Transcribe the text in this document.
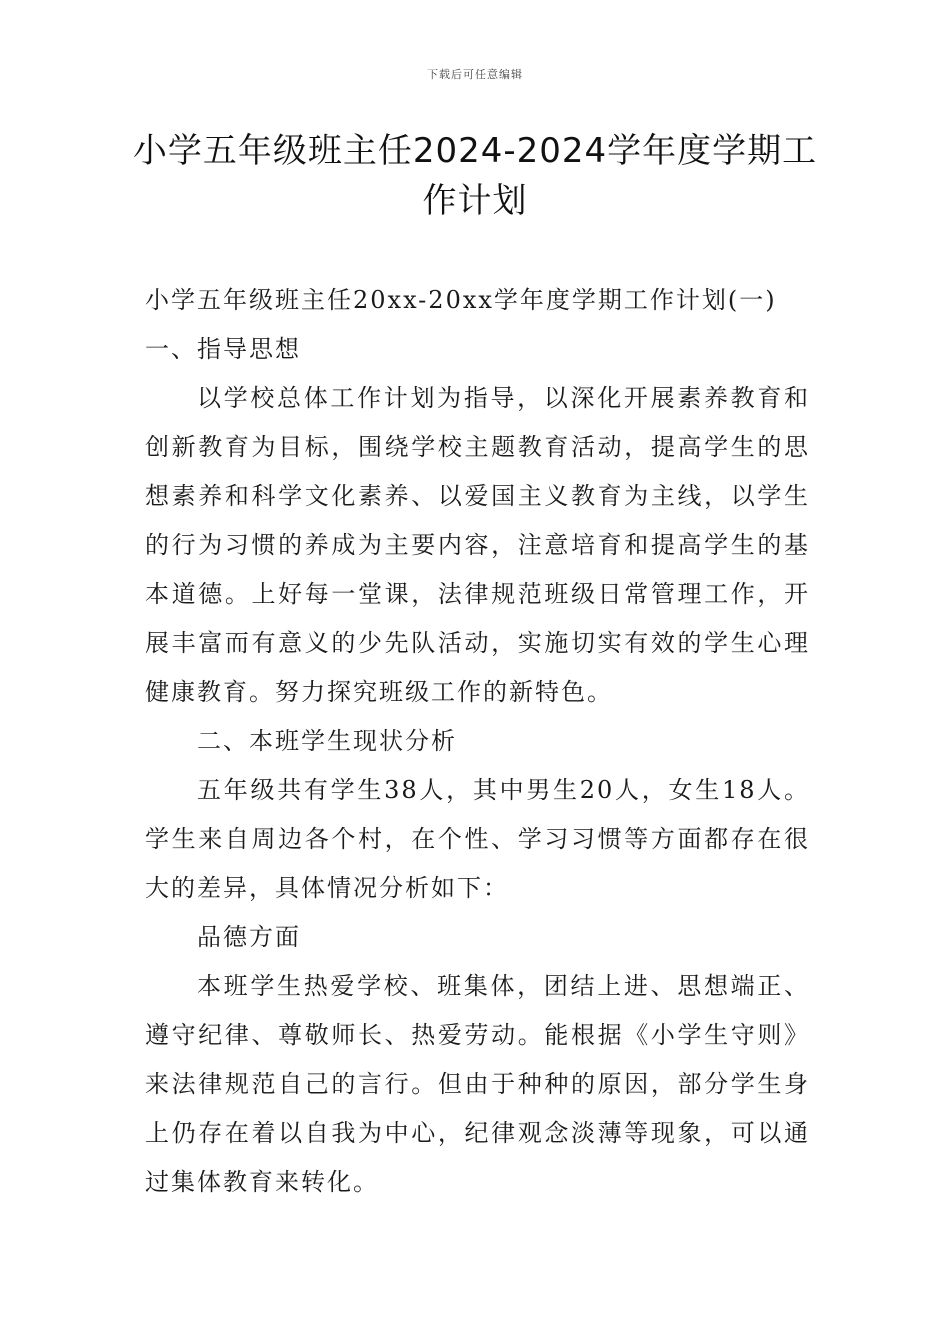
下载后可任意编辑
小学五年级班主任2024-2024学年度学期工作计划

小学五年级班主任20xx-20xx学年度学期工作计划(一)

一、指导思想

以学校总体工作计划为指导，以深化开展素养教育和创新教育为目标，围绕学校主题教育活动，提高学生的思想素养和科学文化素养、以爱国主义教育为主线，以学生的行为习惯的养成为主要内容，注意培育和提高学生的基本道德。上好每一堂课，法律规范班级日常管理工作，开展丰富而有意义的少先队活动，实施切实有效的学生心理健康教育。努力探究班级工作的新特色。

二、本班学生现状分析

五年级共有学生38人，其中男生20人，女生18人。学生来自周边各个村，在个性、学习习惯等方面都存在很大的差异，具体情况分析如下：

品德方面

本班学生热爱学校、班集体，团结上进、思想端正、遵守纪律、尊敬师长、热爱劳动。能根据《小学生守则》来法律规范自己的言行。但由于种种的原因，部分学生身上仍存在着以自我为中心，纪律观念淡薄等现象，可以通过集体教育来转化。
